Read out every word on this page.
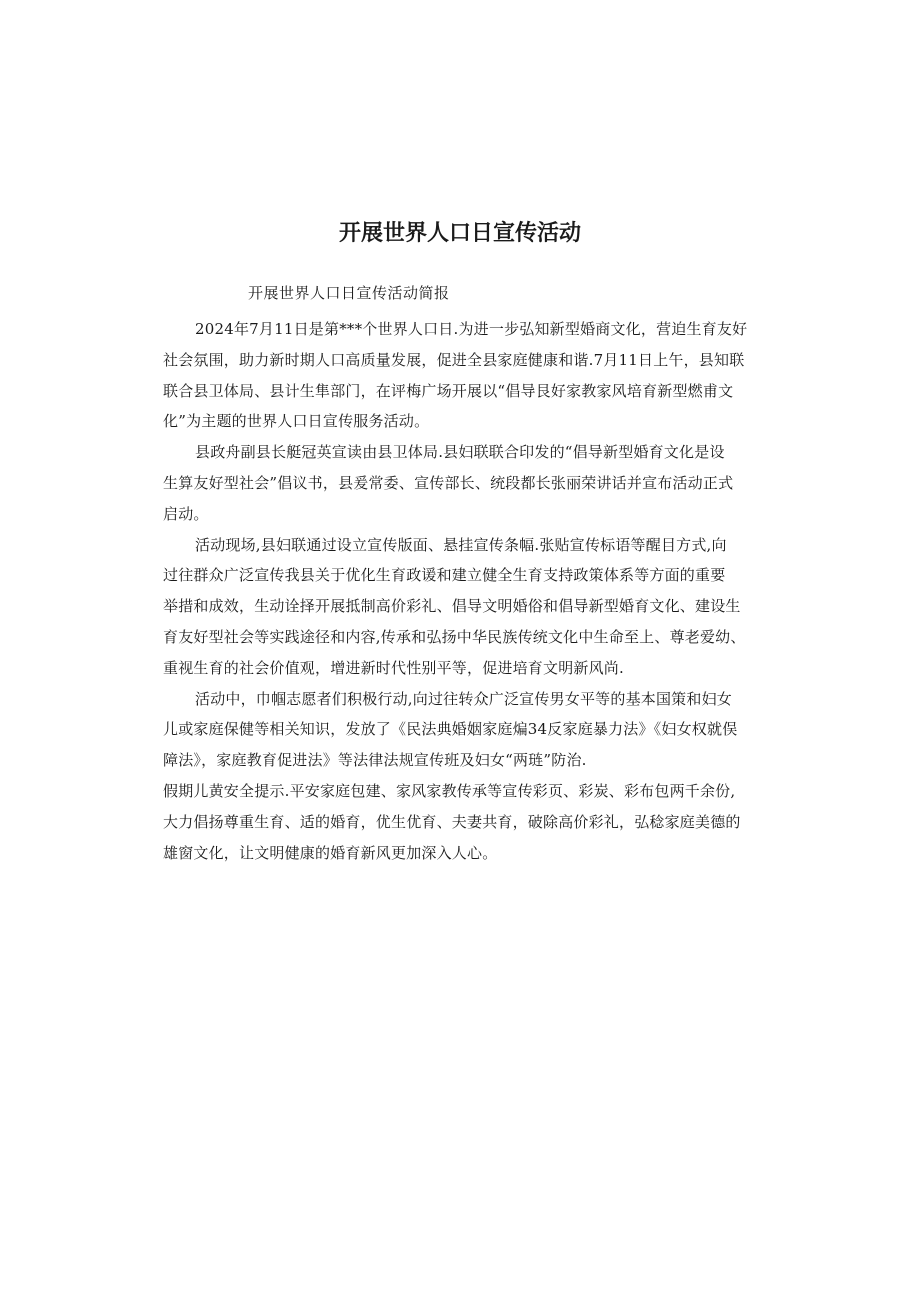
开展世界人口日宣传活动

开展世界人口日宣传活动简报

2024年7月11日是第***个世界人口日.为进一步弘知新型婚商文化，营迫生育友好
社会氛围，助力新时期人口高质量发展，促进全县家庭健康和谐.7月11日上午，县知联
联合县卫体局、县计生隼部门，在评梅广场开展以“倡导艮好家教家风培育新型燃甫文
化”为主题的世界人口日宣传服务活动。
县政舟副县长艇冠英宣读由县卫体局.县妇联联合印发的“倡导新型婚育文化是设
生算友好型社会”倡议书，县爰常委、宣传部长、统段都长张丽荣讲话并宣布活动正式
启动。
活动现场,县妇联通过设立宣传版面、悬挂宣传条幅.张贴宣传标语等醒目方式,向
过往群众广泛宣传我县关于优化生育政谖和建立健全生育支持政策体系等方面的重要
举措和成效，生动诠择开展抵制高价彩礼、倡导文明婚俗和倡导新型婚育文化、建设生
育友好型社会等实践途径和内容,传承和弘扬中华民族传统文化中生命至上、尊老爱幼、
重视生育的社会价值观，增进新时代性别平等，促进培育文明新风尚.
活动中，巾帼志愿者们积极行动,向过往转众广泛宣传男女平等的基本国策和妇女
儿或家庭保健等相关知识，发放了《民法典婚姻家庭煸34反家庭暴力法》《妇女权就俣
障法》，家庭教育促进法》等法律法规宣传班及妇女“两琏”防治.
假期儿黄安全提示.平安家庭包建、家风家教传承等宣传彩页、彩炭、彩布包两千余份,
大力倡扬尊重生育、适的婚育，优生优育、夫妻共育，破除高价彩礼，弘稔家庭美德的
雄窗文化，让文明健康的婚育新风更加深入人心。
